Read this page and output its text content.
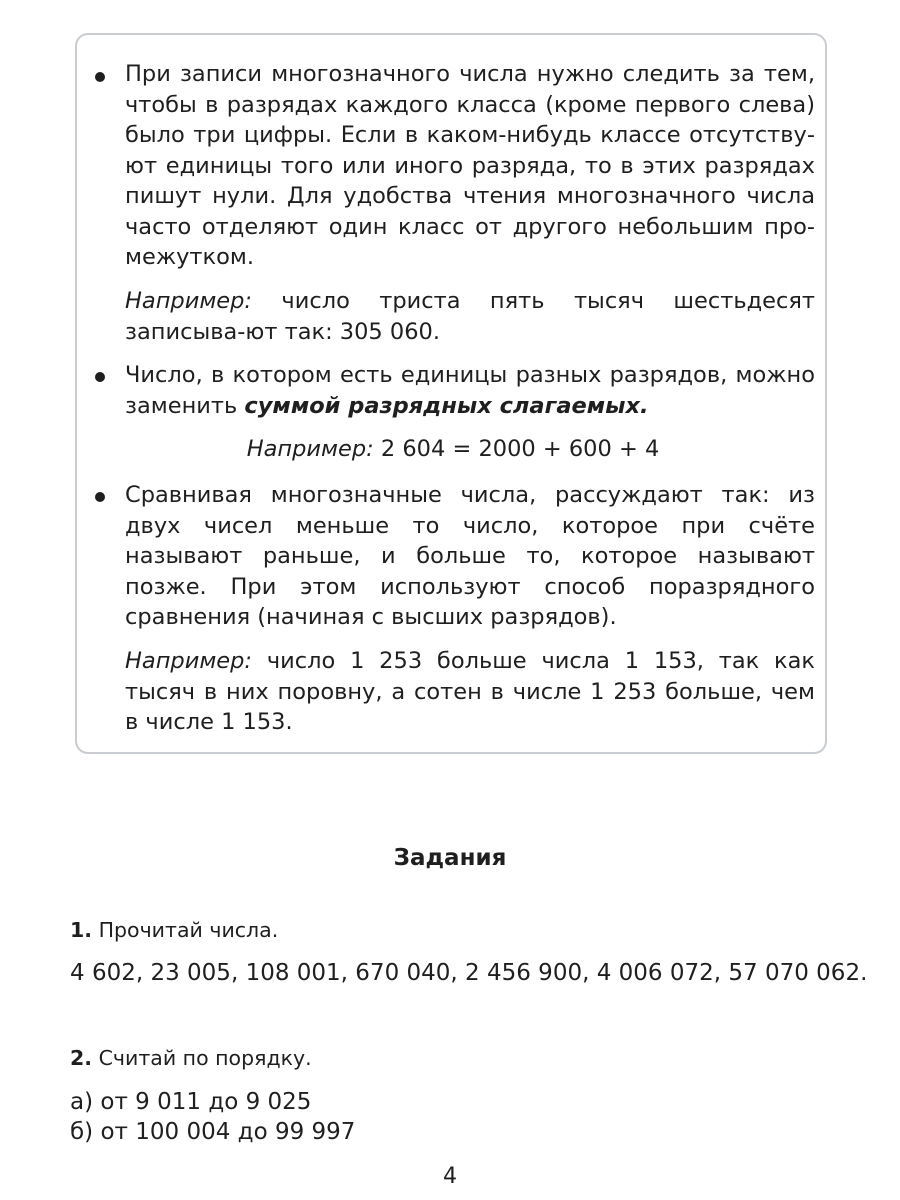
При записи многозначного числа нужно следить за тем, чтобы в разрядах каждого класса (кроме первого слева) было три цифры. Если в каком-нибудь классе отсутству-ют единицы того или иного разряда, то в этих разрядах пишут нули. Для удобства чтения многозначного числа часто отделяют один класс от другого небольшим про-межутком.
Например: число триста пять тысяч шестьдесят записыва-ют так: 305 060.
Число, в котором есть единицы разных разрядов, можно заменить суммой разрядных слагаемых.
Например: 2 604 = 2000 + 600 + 4
Сравнивая многозначные числа, рассуждают так: из двух чисел меньше то число, которое при счёте называют раньше, и больше то, которое называют позже. При этом используют способ поразрядного сравнения (начиная с высших разрядов).
Например: число 1 253 больше числа 1 153, так как тысяч в них поровну, а сотен в числе 1 253 больше, чем в числе 1 153.
Задания
1. Прочитай числа.
4 602, 23 005, 108 001, 670 040, 2 456 900, 4 006 072, 57 070 062.
2. Считай по порядку.
а) от 9 011 до 9 025
б) от 100 004 до 99 997
4
